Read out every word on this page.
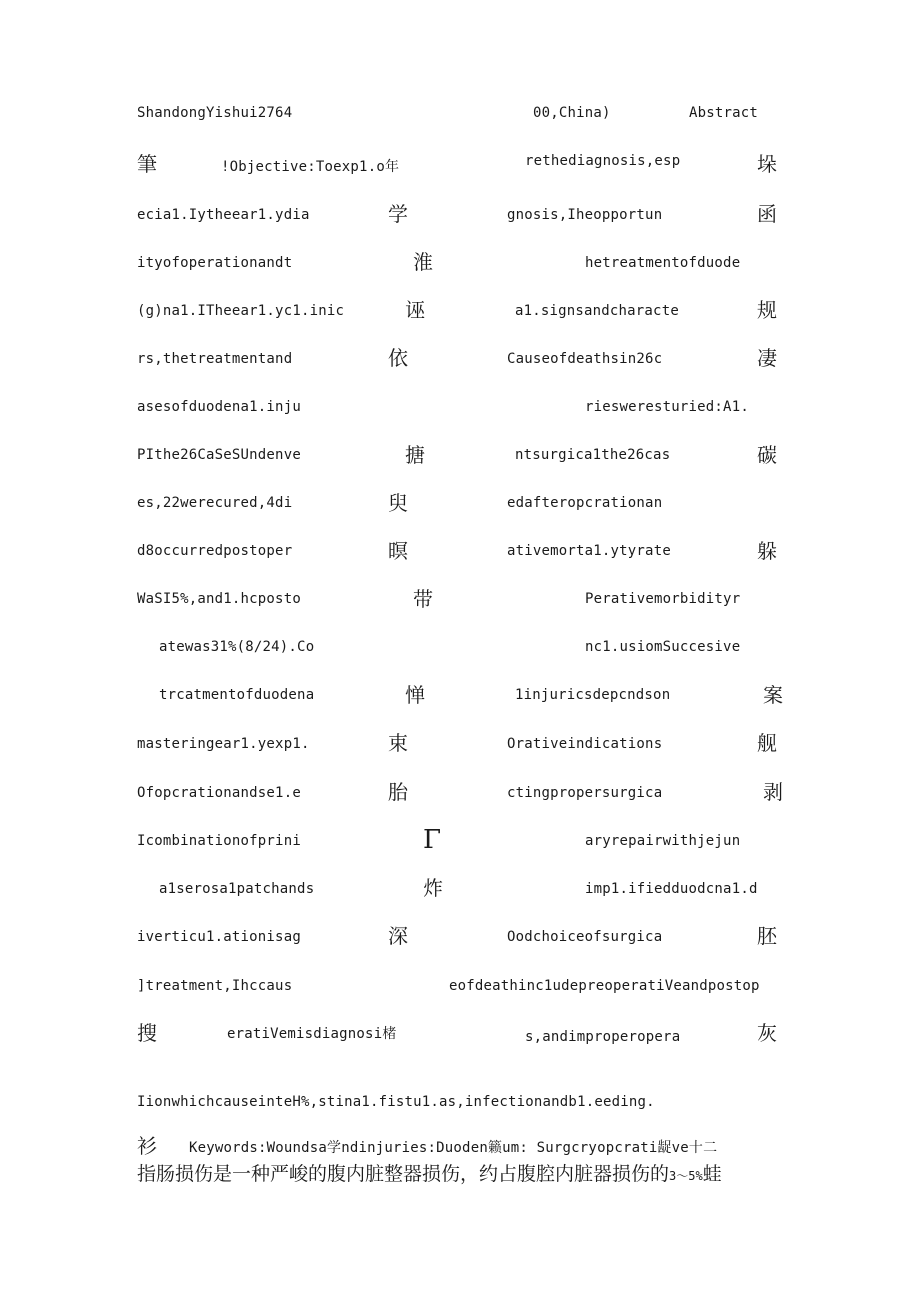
ShandongYishui2764	00,China)	Abstract
筆	!Objective:Toexp1.o年	rethediagnosis,esp	垛
ecia1.Iytheear1.ydia	学	gnosis,Iheopportun	函
ityofoperationandt	淮	hetreatmentofduode
(g)na1.ITheear1.yc1.inic	诬	a1.signsandcharacte	规
rs,thetreatmentand	依	Causeofdeathsin26c	凄
asesofduodena1.inju	riesweresturied:A1.
PIthe26CaSeSUndenve	搪	ntsurgica1the26cas	碳
es,22werecured,4di	臾	edafteropcrationan
d8occurredpostoper	暝	ativemorta1.ytyrate	躲
WaSI5%,and1.hcposto	带	Perativemorbidityr
atewas31%(8∕24).Co	nc1.usiomSuccesive
trcatmentofduodena	惮	1injuricsdepcndson	案
masteringear1.yexp1.	束	Orativeindications	舰
Ofopcrationandse1.e	胎	ctingpropersurgica	剥
Icombinationofprini	Γ	aryrepairwithjejun
a1serosa1patchands	炸	imp1.ifiedduodcna1.d
iverticu1.ationisag	深	Oodchoiceofsurgica	胚
]treatment,Ihccaus	eofdeathinc1udepreoperatiVeandpostop
搜	eratiVemisdiagnosi楮	s,andimproperopera	灰
IionwhichcauseinteH%,stina1.fistu1.as,infectionandb1.eeding.
衫 Keywords:Woundsa学ndinjuries:Duoden籁um: Surgcryopcrati龊ve十二
指肠损伤是一种严峻的腹内脏整器损伤，约占腹腔内脏器损伤的3～5%蛙
